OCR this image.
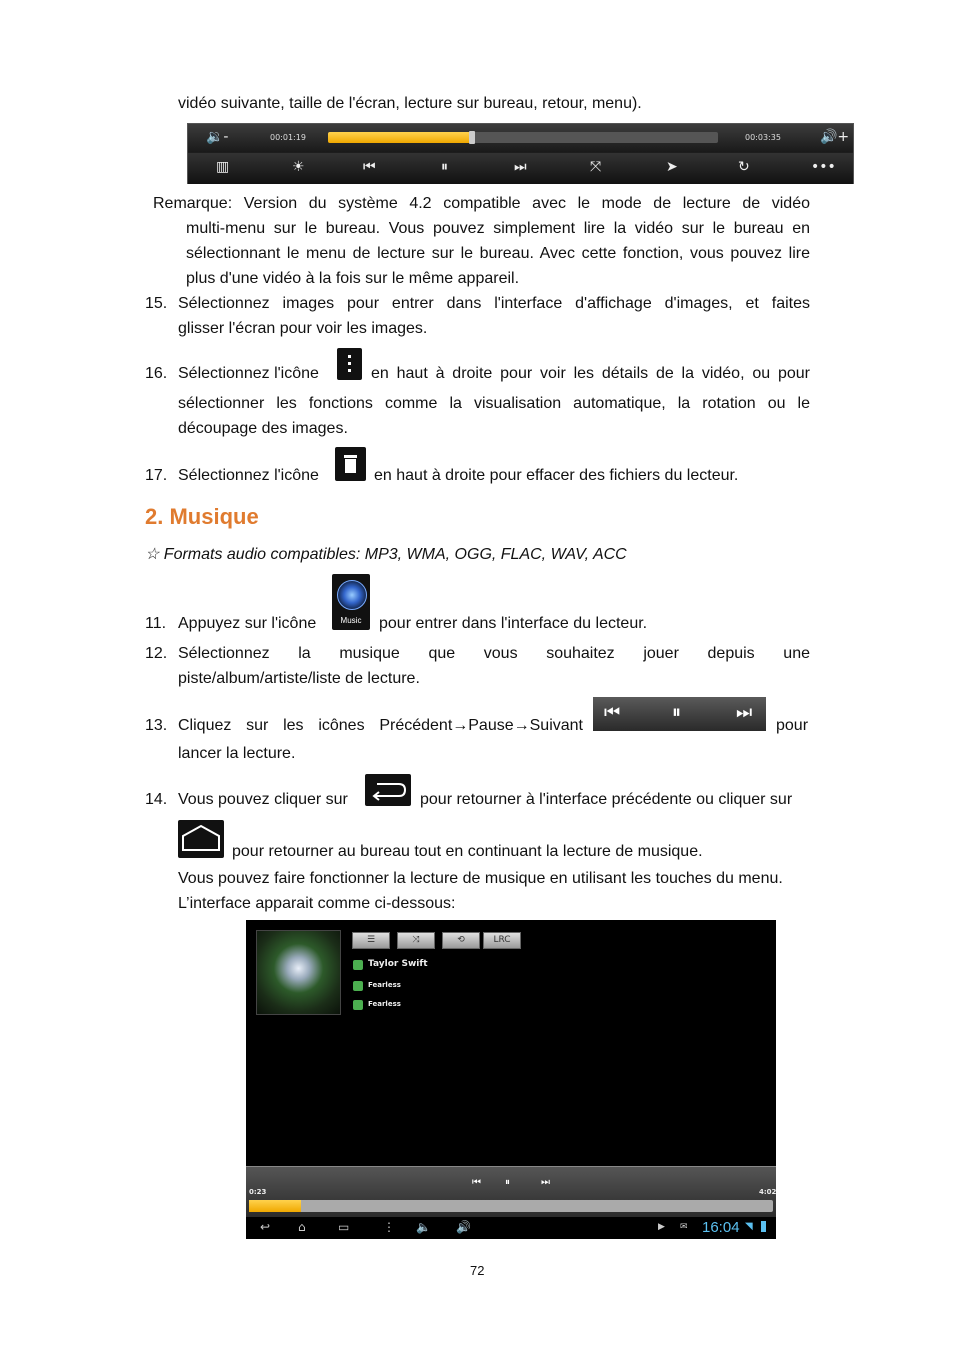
vidéo suivante, taille de l'écran, lecture sur bureau, retour, menu).
🔉-	00:01:19	00:03:35	🔊+
▥	☀	⏮	⏸	⏭	⤧	➤	↻	•••
Remarque: Version du système 4.2 compatible avec le mode de lecture de vidéo
multi-menu sur le bureau. Vous pouvez simplement lire la vidéo sur le bureau en
sélectionnant le menu de lecture sur le bureau. Avec cette fonction, vous pouvez lire
plus d'une vidéo à la fois sur le même appareil.
15. Sélectionnez images pour entrer dans l'interface d'affichage d'images, et faites
glisser l'écran pour voir les images.
16. Sélectionnez l'icône	en haut à droite pour voir les détails de la vidéo, ou pour
sélectionner les fonctions comme la visualisation automatique, la rotation ou le
découpage des images.
17. Sélectionnez l'icône	en haut à droite pour effacer des fichiers du lecteur.
2. Musique
☆ Formats audio compatibles: MP3, WMA, OGG, FLAC, WAV, ACC
11. Appuyez sur l'icône	Music	pour entrer dans l'interface du lecteur.
12. Sélectionnez la musique que vous souhaitez jouer depuis une
piste/album/artiste/liste de lecture.
13. Cliquez sur les icônes Précédent→Pause→Suivant
⏮	⏸	⏭
pour
lancer la lecture.
14. Vous pouvez cliquer sur	pour retourner à l'interface précédente ou cliquer sur
pour retourner au bureau tout en continuant la lecture de musique.
Vous pouvez faire fonctionner la lecture de musique en utilisant les touches du menu.
L’interface apparait comme ci-dessous:
☰	⤨	⟲	LRC
Taylor Swift
Fearless
Fearless
⏮ ⏸	⏭
0:23	4:02
↩ ⌂	▭	⋮ 🔈 🔊	▶ ✉ 16:04 ◥
72
